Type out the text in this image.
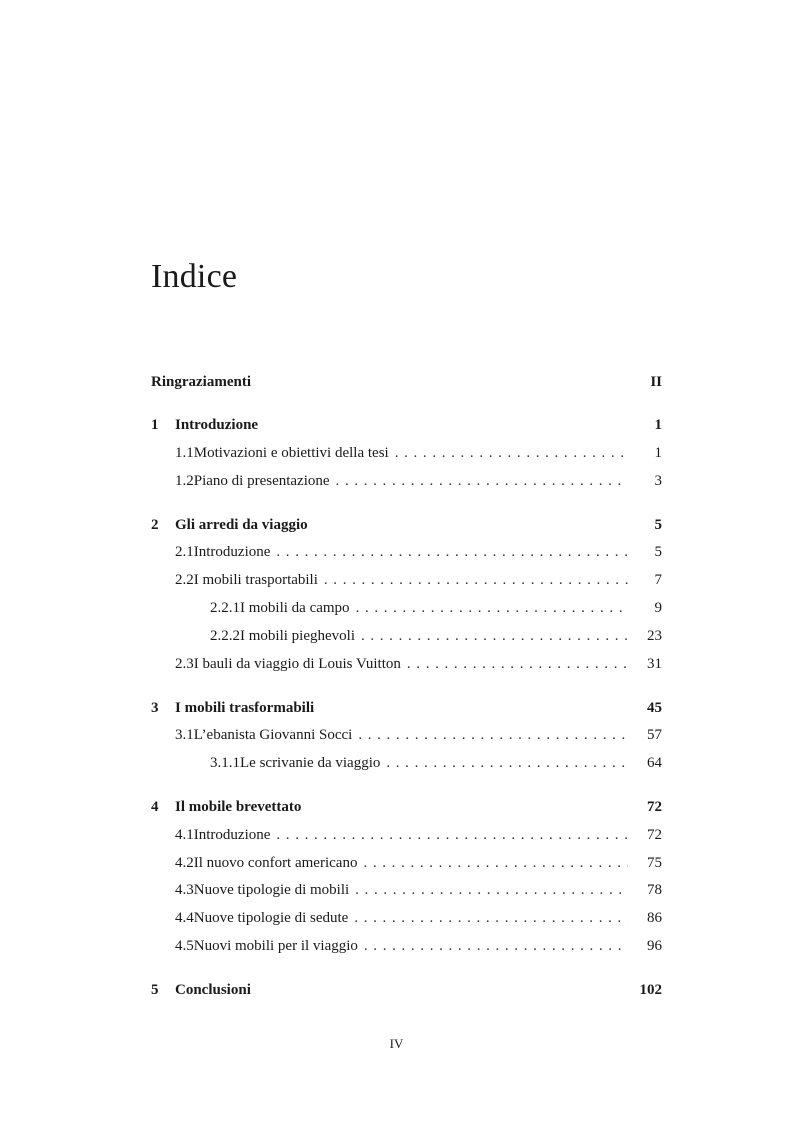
Indice
Ringraziamenti	II
1	Introduzione	1
1.1 Motivazioni e obiettivi della tesi . . .	1
1.2 Piano di presentazione . . .	3
2	Gli arredi da viaggio	5
2.1 Introduzione . . .	5
2.2 I mobili trasportabili . . .	7
2.2.1 I mobili da campo . . .	9
2.2.2 I mobili pieghevoli . . .	23
2.3 I bauli da viaggio di Louis Vuitton . . .	31
3	I mobili trasformabili	45
3.1 L’ebanista Giovanni Socci . . .	57
3.1.1 Le scrivanie da viaggio . . .	64
4	Il mobile brevettato	72
4.1 Introduzione . . .	72
4.2 Il nuovo confort americano . . .	75
4.3 Nuove tipologie di mobili . . .	78
4.4 Nuove tipologie di sedute . . .	86
4.5 Nuovi mobili per il viaggio . . .	96
5	Conclusioni	102
IV
